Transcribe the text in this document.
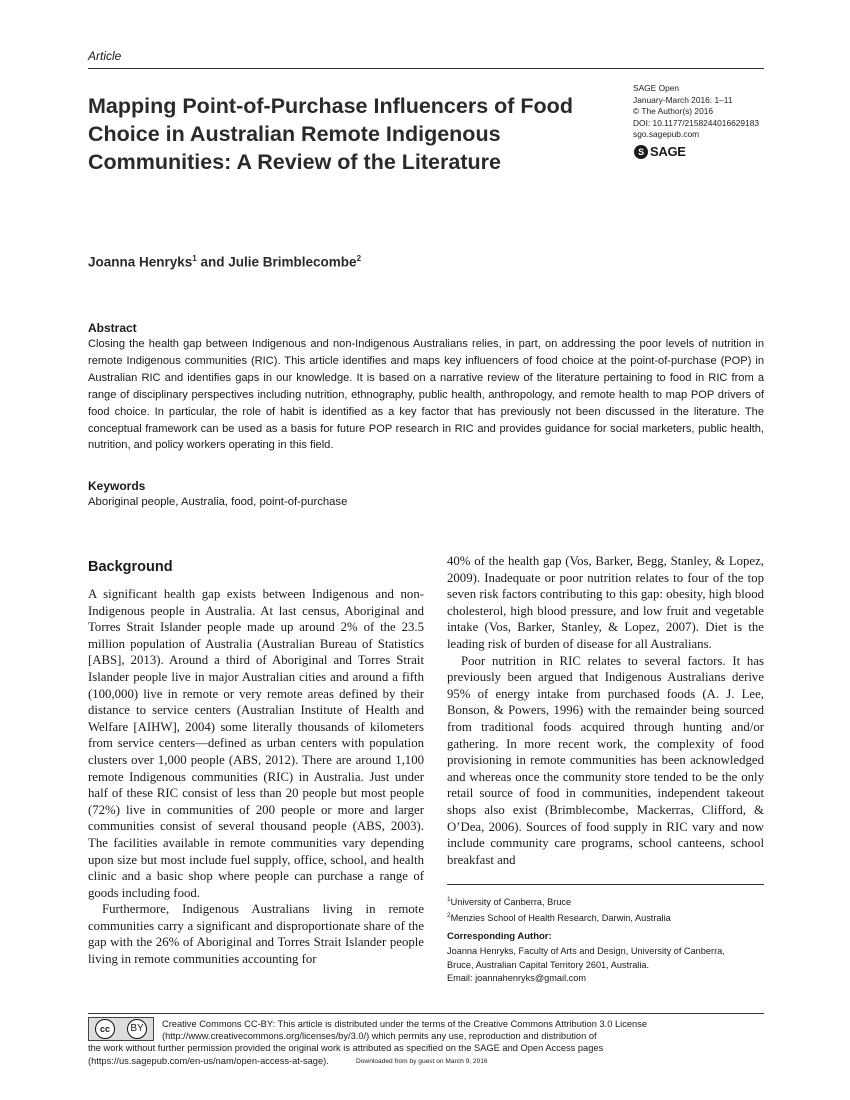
Article
Mapping Point-of-Purchase Influencers of Food Choice in Australian Remote Indigenous Communities: A Review of the Literature
SAGE Open
January-March 2016: 1–11
© The Author(s) 2016
DOI: 10.1177/2158244016629183
sgo.sagepub.com
S SAGE
Joanna Henryks$^1$ and Julie Brimblecombe$^2$
Abstract

Closing the health gap between Indigenous and non-Indigenous Australians relies, in part, on addressing the poor levels of nutrition in remote Indigenous communities (RIC). This article identifies and maps key influencers of food choice at the point-of-purchase (POP) in Australian RIC and identifies gaps in our knowledge. It is based on a narrative review of the literature pertaining to food in RIC from a range of disciplinary perspectives including nutrition, ethnography, public health, anthropology, and remote health to map POP drivers of food choice. In particular, the role of habit is identified as a key factor that has previously not been discussed in the literature. The conceptual framework can be used as a basis for future POP research in RIC and provides guidance for social marketers, public health, nutrition, and policy workers operating in this field.

Keywords
Aboriginal people, Australia, food, point-of-purchase
Background

A significant health gap exists between Indigenous and non-Indigenous people in Australia. At last census, Aboriginal and Torres Strait Islander people made up around 2% of the 23.5 million population of Australia (Australian Bureau of Statistics [ABS], 2013). Around a third of Aboriginal and Torres Strait Islander people live in major Australian cities and around a fifth (100,000) live in remote or very remote areas defined by their distance to service centers (Australian Institute of Health and Welfare [AIHW], 2004) some literally thousands of kilometers from service centers—defined as urban centers with population clusters over 1,000 people (ABS, 2012). There are around 1,100 remote Indigenous communities (RIC) in Australia. Just under half of these RIC consist of less than 20 people but most people (72%) live in communities of 200 people or more and larger communities consist of several thousand people (ABS, 2003). The facilities available in remote communities vary depending upon size but most include fuel supply, office, school, and health clinic and a basic shop where people can purchase a range of goods including food.

Furthermore, Indigenous Australians living in remote communities carry a significant and disproportionate share of the gap with the 26% of Aboriginal and Torres Strait Islander people living in remote communities accounting for

40% of the health gap (Vos, Barker, Begg, Stanley, & Lopez, 2009). Inadequate or poor nutrition relates to four of the top seven risk factors contributing to this gap: obesity, high blood cholesterol, high blood pressure, and low fruit and vegetable intake (Vos, Barker, Stanley, & Lopez, 2007). Diet is the leading risk of burden of disease for all Australians.

Poor nutrition in RIC relates to several factors. It has previously been argued that Indigenous Australians derive 95% of energy intake from purchased foods (A. J. Lee, Bonson, & Powers, 1996) with the remainder being sourced from traditional foods acquired through hunting and/or gathering. In more recent work, the complexity of food provisioning in remote communities has been acknowledged and whereas once the community store tended to be the only retail source of food in communities, independent takeout shops also exist (Brimblecombe, Mackerras, Clifford, & O’Dea, 2006). Sources of food supply in RIC vary and now include community care programs, school canteens, school breakfast and

$^1$University of Canberra, Bruce
$^2$Menzies School of Health Research, Darwin, Australia
Corresponding Author:
Joanna Henryks, Faculty of Arts and Design, University of Canberra,
Bruce, Australian Capital Territory 2601, Australia.
Email: joannahenryks@gmail.com
cc	BY	Creative Commons CC-BY: This article is distributed under the terms of the Creative Commons Attribution 3.0 License
(http://www.creativecommons.org/licenses/by/3.0/) which permits any use, reproduction and distribution of
the work without further permission provided the original work is attributed as specified on the SAGE and Open Access pages
(https://us.sagepub.com/en-us/nam/open-access-at-sage).	Downloaded from by guest on March 9, 2016
